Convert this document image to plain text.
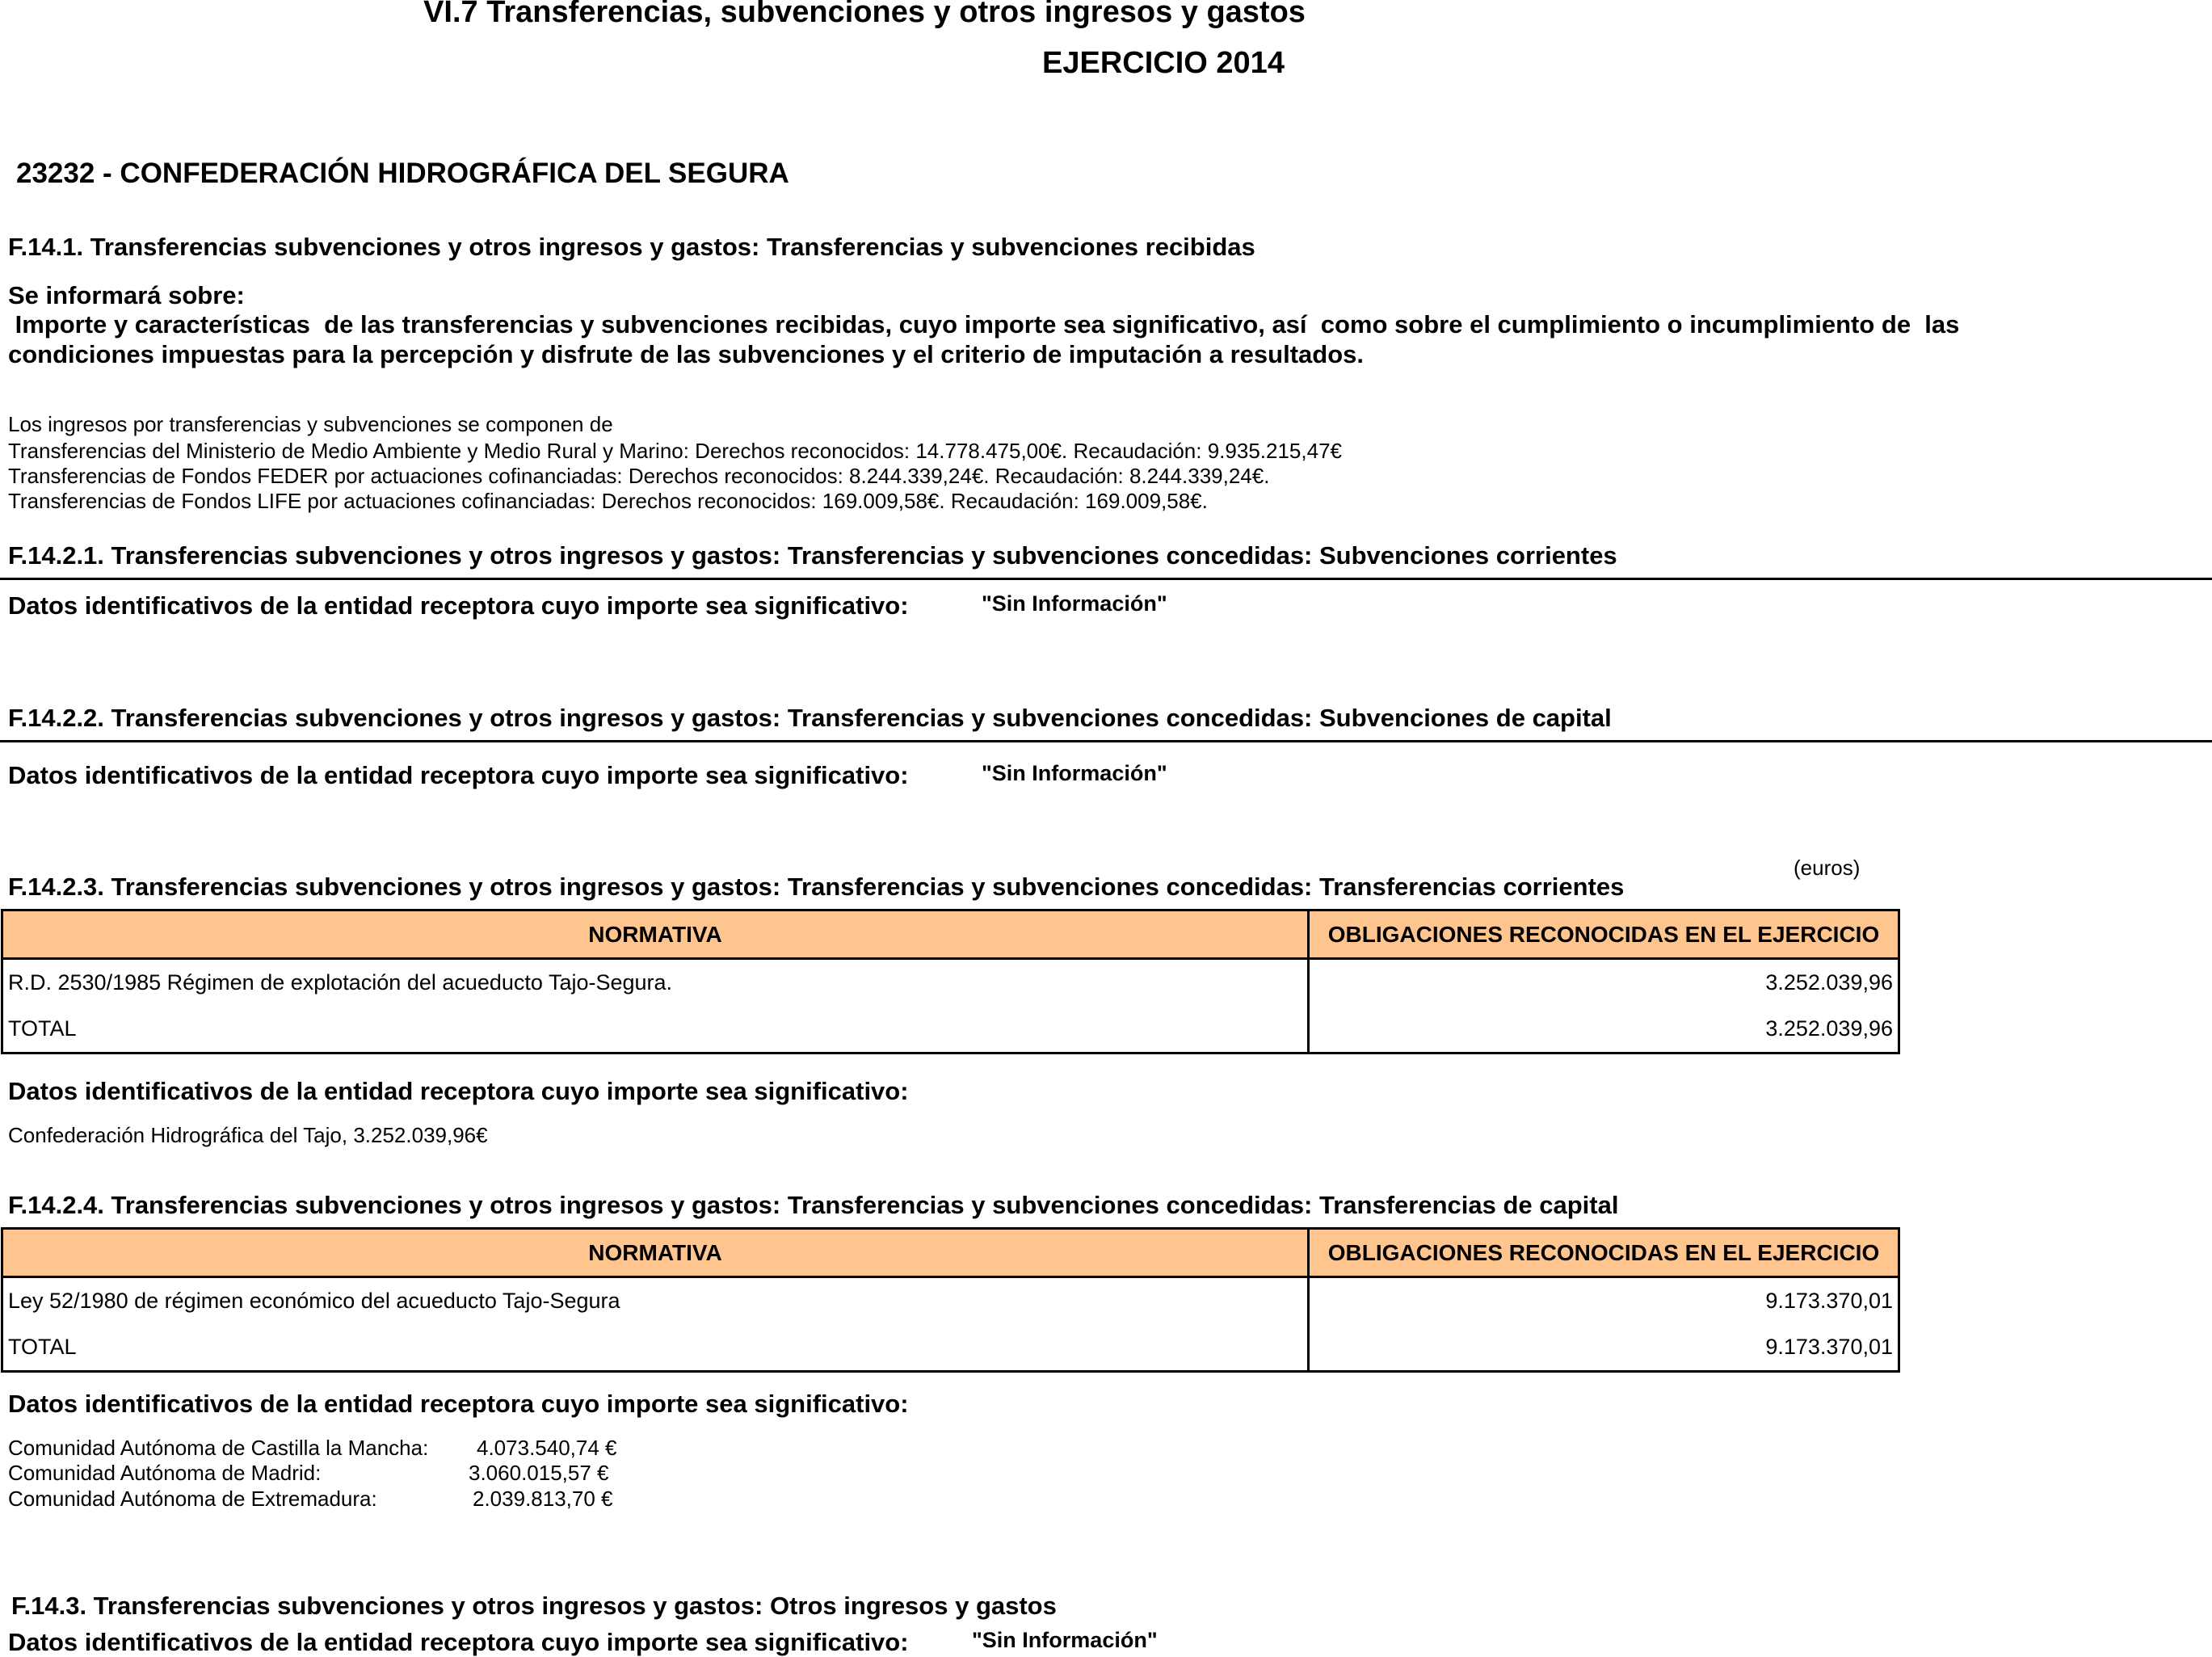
VI.7 Transferencias, subvenciones y otros ingresos y gastos
EJERCICIO 2014
23232 - CONFEDERACIÓN HIDROGRÁFICA DEL SEGURA
F.14.1. Transferencias subvenciones y otros ingresos y gastos: Transferencias y subvenciones recibidas
Se informará sobre:
Importe y características  de las transferencias y subvenciones recibidas, cuyo importe sea significativo, así  como sobre el cumplimiento o incumplimiento de  las
condiciones impuestas para la percepción y disfrute de las subvenciones y el criterio de imputación a resultados.
Los ingresos por transferencias y subvenciones se componen de
Transferencias del Ministerio de Medio Ambiente y Medio Rural y Marino: Derechos reconocidos: 14.778.475,00€. Recaudación: 9.935.215,47€
Transferencias de Fondos FEDER por actuaciones cofinanciadas: Derechos reconocidos: 8.244.339,24€. Recaudación: 8.244.339,24€.
Transferencias de Fondos LIFE por actuaciones cofinanciadas: Derechos reconocidos: 169.009,58€. Recaudación: 169.009,58€.
F.14.2.1. Transferencias subvenciones y otros ingresos y gastos: Transferencias y subvenciones concedidas: Subvenciones corrientes
Datos identificativos de la entidad receptora cuyo importe sea significativo:	"Sin Información"
F.14.2.2. Transferencias subvenciones y otros ingresos y gastos: Transferencias y subvenciones concedidas: Subvenciones de capital
Datos identificativos de la entidad receptora cuyo importe sea significativo:	"Sin Información"
(euros)
F.14.2.3. Transferencias subvenciones y otros ingresos y gastos: Transferencias y subvenciones concedidas: Transferencias corrientes
NORMATIVA	OBLIGACIONES RECONOCIDAS EN EL EJERCICIO
R.D. 2530/1985 Régimen de explotación del acueducto Tajo-Segura.	3.252.039,96
TOTAL	3.252.039,96
Datos identificativos de la entidad receptora cuyo importe sea significativo:
Confederación Hidrográfica del Tajo, 3.252.039,96€
F.14.2.4. Transferencias subvenciones y otros ingresos y gastos: Transferencias y subvenciones concedidas: Transferencias de capital
NORMATIVA	OBLIGACIONES RECONOCIDAS EN EL EJERCICIO
Ley 52/1980 de régimen económico del acueducto Tajo-Segura	9.173.370,01
TOTAL	9.173.370,01
Datos identificativos de la entidad receptora cuyo importe sea significativo:
Comunidad Autónoma de Castilla la Mancha: 4.073.540,74 €
Comunidad Autónoma de Madrid:	3.060.015,57 €
Comunidad Autónoma de Extremadura:	2.039.813,70 €
F.14.3. Transferencias subvenciones y otros ingresos y gastos: Otros ingresos y gastos
Datos identificativos de la entidad receptora cuyo importe sea significativo:	"Sin Información"
